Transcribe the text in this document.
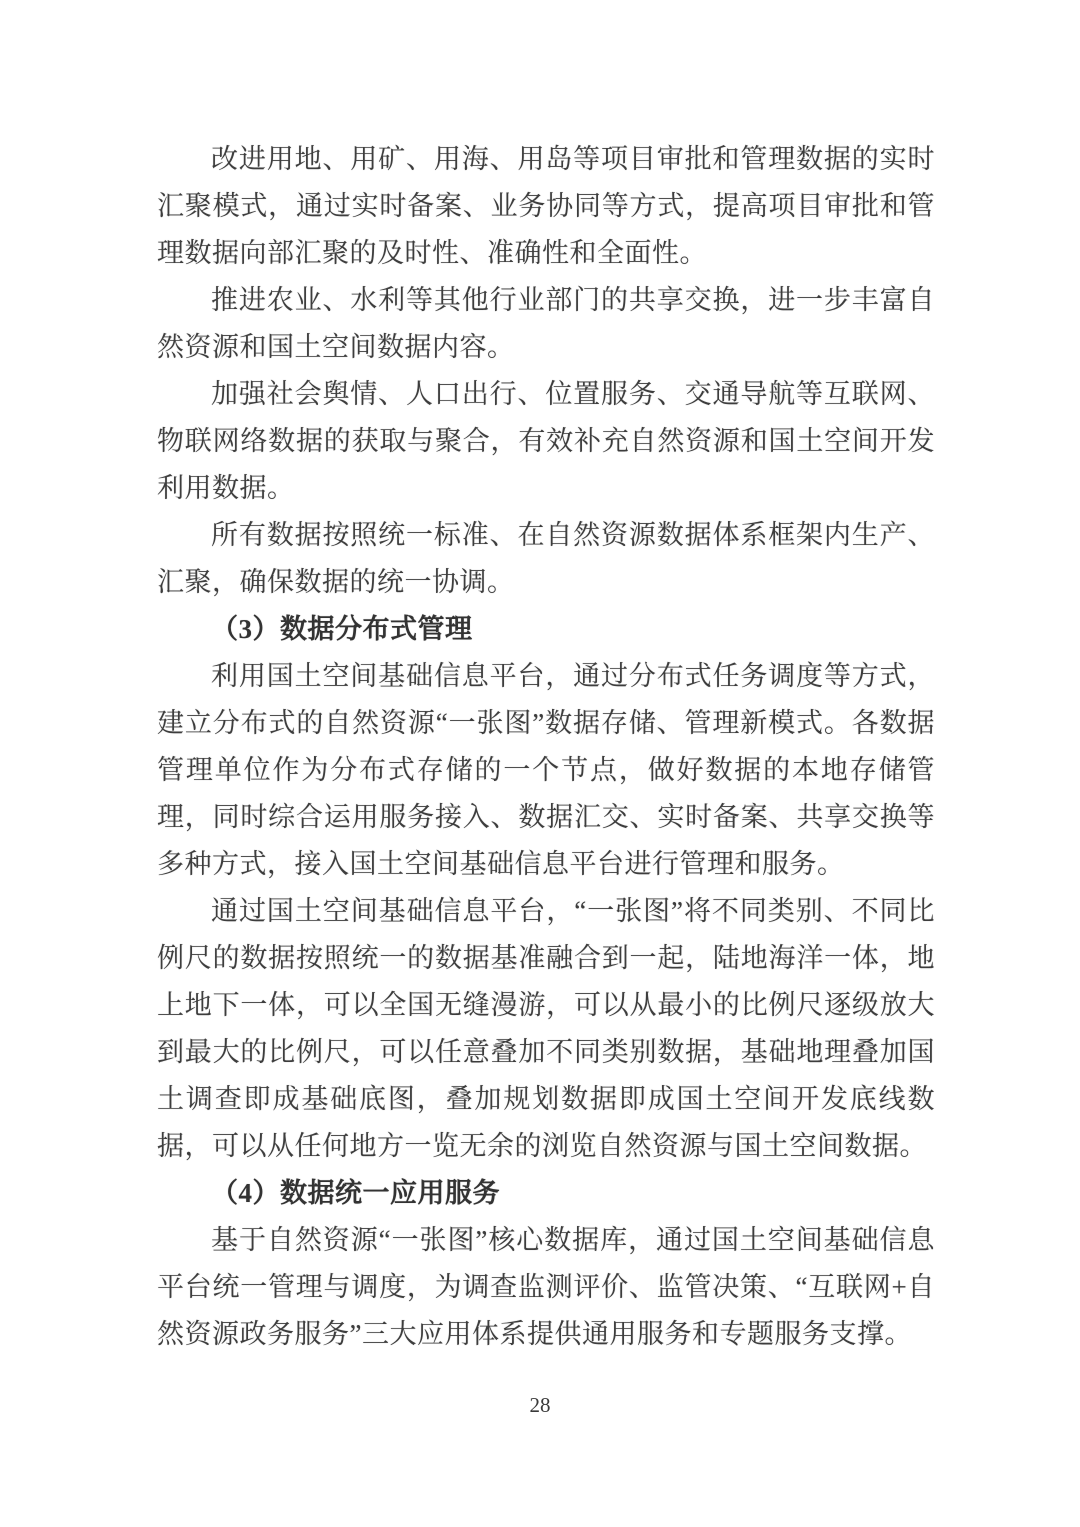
改进用地、用矿、用海、用岛等项目审批和管理数据的实时汇聚模式，通过实时备案、业务协同等方式，提高项目审批和管理数据向部汇聚的及时性、准确性和全面性。

推进农业、水利等其他行业部门的共享交换，进一步丰富自然资源和国土空间数据内容。

加强社会舆情、人口出行、位置服务、交通导航等互联网、物联网络数据的获取与聚合，有效补充自然资源和国土空间开发利用数据。

所有数据按照统一标准、在自然资源数据体系框架内生产、汇聚，确保数据的统一协调。

（3）数据分布式管理

利用国土空间基础信息平台，通过分布式任务调度等方式，建立分布式的自然资源“一张图”数据存储、管理新模式。各数据管理单位作为分布式存储的一个节点，做好数据的本地存储管理，同时综合运用服务接入、数据汇交、实时备案、共享交换等多种方式，接入国土空间基础信息平台进行管理和服务。

通过国土空间基础信息平台，“一张图”将不同类别、不同比例尺的数据按照统一的数据基准融合到一起，陆地海洋一体，地上地下一体，可以全国无缝漫游，可以从最小的比例尺逐级放大到最大的比例尺，可以任意叠加不同类别数据，基础地理叠加国土调查即成基础底图，叠加规划数据即成国土空间开发底线数据，可以从任何地方一览无余的浏览自然资源与国土空间数据。

（4）数据统一应用服务

基于自然资源“一张图”核心数据库，通过国土空间基础信息平台统一管理与调度，为调查监测评价、监管决策、“互联网+自然资源政务服务”三大应用体系提供通用服务和专题服务支撑。

28
